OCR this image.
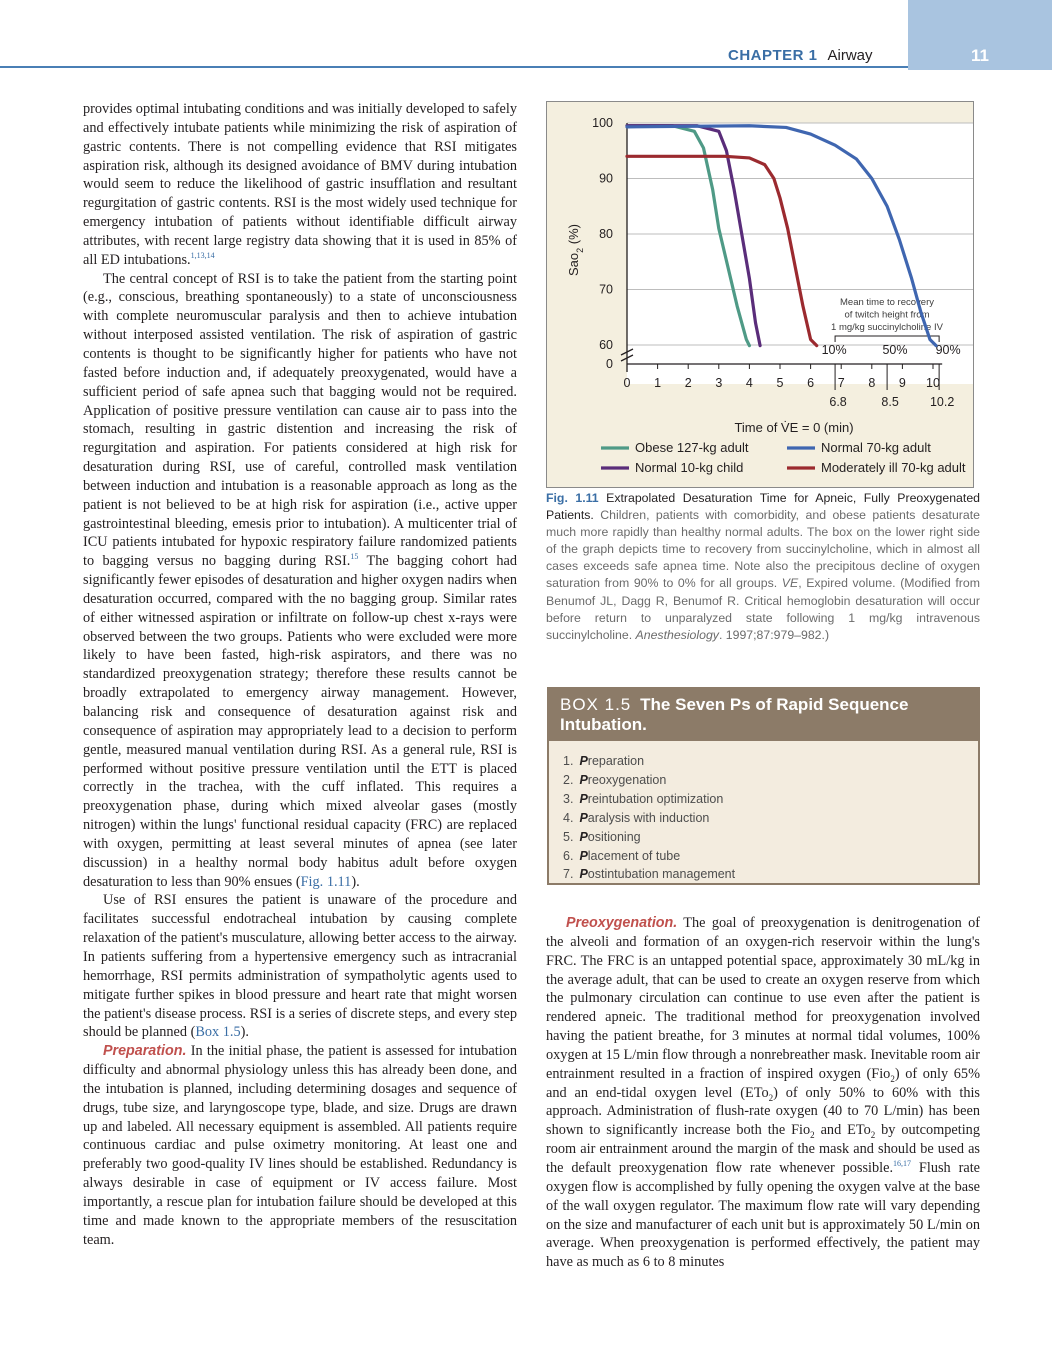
CHAPTER 1 Airway	11

provides optimal intubating conditions and was initially developed to safely and effectively intubate patients while minimizing the risk of aspiration of gastric contents. There is not compelling evidence that RSI mitigates aspiration risk, although its designed avoidance of BMV during intubation would seem to reduce the likelihood of gastric insufflation and resultant regurgitation of gastric contents. RSI is the most widely used technique for emergency intubation of patients without identifiable difficult airway attributes, with recent large registry data showing that it is used in 85% of all ED intubations.$^{1,13,14}$

The central concept of RSI is to take the patient from the starting point (e.g., conscious, breathing spontaneously) to a state of unconsciousness with complete neuromuscular paralysis and then to achieve intubation without interposed assisted ventilation. The risk of aspiration of gastric contents is thought to be significantly higher for patients who have not fasted before induction and, if adequately preoxygenated, would have a sufficient period of safe apnea such that bagging would not be required. Application of positive pressure ventilation can cause air to pass into the stomach, resulting in gastric distention and increasing the risk of regurgitation and aspiration. For patients considered at high risk for desaturation during RSI, use of careful, controlled mask ventilation between induction and intubation is a reasonable approach as long as the patient is not believed to be at high risk for aspiration (i.e., active upper gastrointestinal bleeding, emesis prior to intubation). A multicenter trial of ICU patients intubated for hypoxic respiratory failure randomized patients to bagging versus no bagging during RSI.$^{15}$ The bagging cohort had significantly fewer episodes of desaturation and higher oxygen nadirs when desaturation occurred, compared with the no bagging group. Similar rates of either witnessed aspiration or infiltrate on follow-up chest x-rays were observed between the two groups. Patients who were excluded were more likely to have been fasted, high-risk aspirators, and there was no standardized preoxygenation strategy; therefore these results cannot be broadly extrapolated to emergency airway management. However, balancing risk and consequence of desaturation against risk and consequence of aspiration may appropriately lead to a decision to perform gentle, measured manual ventilation during RSI. As a general rule, RSI is performed without positive pressure ventilation until the ETT is placed correctly in the trachea, with the cuff inflated. This requires a preoxygenation phase, during which mixed alveolar gases (mostly nitrogen) within the lungs' functional residual capacity (FRC) are replaced with oxygen, permitting at least several minutes of apnea (see later discussion) in a healthy normal body habitus adult before oxygen desaturation to less than 90% ensues (Fig. 1.11).

Use of RSI ensures the patient is unaware of the procedure and facilitates successful endotracheal intubation by causing complete relaxation of the patient's musculature, allowing better access to the airway. In patients suffering from a hypertensive emergency such as intracranial hemorrhage, RSI permits administration of sympatholytic agents used to mitigate further spikes in blood pressure and heart rate that might worsen the patient's disease process. RSI is a series of discrete steps, and every step should be planned (Box 1.5).

Preparation. In the initial phase, the patient is assessed for intubation difficulty and abnormal physiology unless this has already been done, and the intubation is planned, including determining dosages and sequence of drugs, tube size, and laryngoscope type, blade, and size. Drugs are drawn up and labeled. All necessary equipment is assembled. All patients require continuous cardiac and pulse oximetry monitoring. At least one and preferably two good-quality IV lines should be established. Redundancy is always desirable in case of equipment or IV access failure. Most importantly, a rescue plan for intubation failure should be developed at this time and made known to the appropriate members of the resuscitation team.

Mean time to recovery
of twitch height from
1 mg/kg succinylcholine IV
10%	50% 90%
6.8	8.5 10.2
100
90
80
70
60
0
0 1 2 3 4 5 6 7 8 9 10
Sao$_2$ (%)
Time of V̇E = 0 (min)
Obese 127-kg adult
Normal 10-kg child
Normal 70-kg adult
Moderately ill 70-kg adult
Fig. 1.11 Extrapolated Desaturation Time for Apneic, Fully Preoxygenated Patients. Children, patients with comorbidity, and obese patients desaturate much more rapidly than healthy normal adults. The box on the lower right side of the graph depicts time to recovery from succinylcholine, which in almost all cases exceeds safe apnea time. Note also the precipitous decline of oxygen saturation from 90% to 0% for all groups. VE, Expired volume. (Modified from Benumof JL, Dagg R, Benumof R. Critical hemoglobin desaturation will occur before return to unparalyzed state following 1 mg/kg intravenous succinylcholine. Anesthesiology. 1997;87:979–982.)
BOX 1.5 The Seven Ps of Rapid Sequence
Intubation.
1. Preparation
2. Preoxygenation
3. Preintubation optimization
4. Paralysis with induction
5. Positioning
6. Placement of tube
7. Postintubation management

Preoxygenation. The goal of preoxygenation is denitrogenation of the alveoli and formation of an oxygen-rich reservoir within the lung's FRC. The FRC is an untapped potential space, approximately 30 mL/kg in the average adult, that can be used to create an oxygen reserve from which the pulmonary circulation can continue to use even after the patient is rendered apneic. The traditional method for preoxygenation involved having the patient breathe, for 3 minutes at normal tidal volumes, 100% oxygen at 15 L/min flow through a nonrebreather mask. Inevitable room air entrainment resulted in a fraction of inspired oxygen (Fio$_2$) of only 65% and an end-tidal oxygen level (ETo$_2$) of only 50% to 60% with this approach. Administration of flush-rate oxygen (40 to 70 L/min) has been shown to significantly increase both the Fio$_2$ and ETo$_2$ by outcompeting room air entrainment around the margin of the mask and should be used as the default preoxygenation flow rate whenever possible.$^{16,17}$ Flush rate oxygen flow is accomplished by fully opening the oxygen valve at the base of the wall oxygen regulator. The maximum flow rate will vary depending on the size and manufacturer of each unit but is approximately 50 L/min on average. When preoxygenation is performed effectively, the patient may have as much as 6 to 8 minutes
